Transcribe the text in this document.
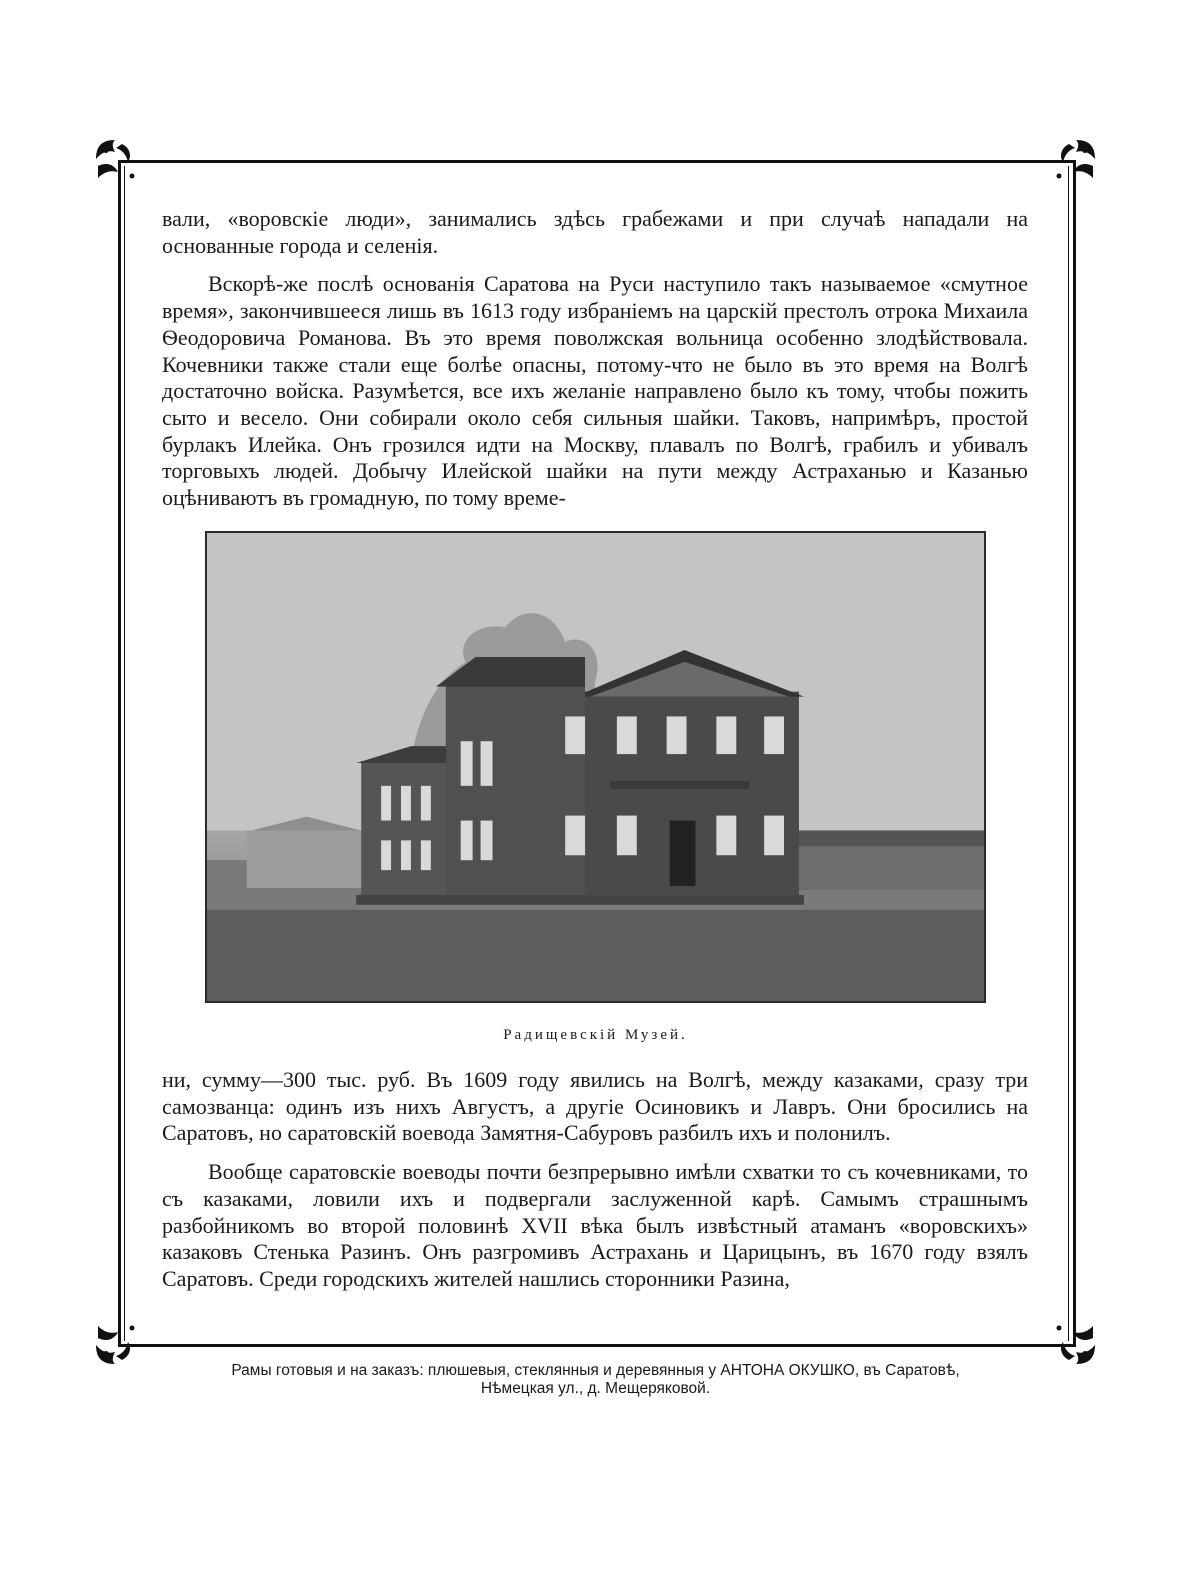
вали, «воровскіе люди», занимались здѣсь грабежами и при случаѣ нападали на основанные города и селенія.

Вскорѣ-же послѣ основанія Саратова на Руси наступило такъ называемое «смутное время», закончившееся лишь въ 1613 году избраніемъ на царскій престолъ отрока Михаила Ѳеодоровича Романова. Въ это время поволжская вольница особенно злодѣйствовала. Кочевники также стали еще болѣе опасны, потому-что не было въ это время на Волгѣ достаточно войска. Разумѣется, все ихъ желаніе направлено было къ тому, чтобы пожить сыто и весело. Они собирали около себя сильныя шайки. Таковъ, напримѣръ, простой бурлакъ Илейка. Онъ грозился идти на Москву, плавалъ по Волгѣ, грабилъ и убивалъ торговыхъ людей. Добычу Илейской шайки на пути между Астраханью и Казанью оцѣниваютъ въ громадную, по тому време-

Радищевскій Музей.

ни, сумму—300 тыс. руб. Въ 1609 году явились на Волгѣ, между казаками, сразу три самозванца: одинъ изъ нихъ Августъ, а другіе Осиновикъ и Лавръ. Они бросились на Саратовъ, но саратовскій воевода Замятня-Сабуровъ разбилъ ихъ и полонилъ.

Вообще саратовскіе воеводы почти безпрерывно имѣли схватки то съ кочевниками, то съ казаками, ловили ихъ и подвергали заслуженной карѣ. Самымъ страшнымъ разбойникомъ во второй половинѣ XVII вѣка былъ извѣстный атаманъ «воровскихъ» казаковъ Стенька Разинъ. Онъ разгромивъ Астрахань и Царицынъ, въ 1670 году взялъ Саратовъ. Среди городскихъ жителей нашлись сторонники Разина,

Рамы готовыя и на заказъ: плюшевыя, стеклянныя и деревянныя у АНТОНА ОКУШКО, въ Саратовѣ,
Нѣмецкая ул., д. Мещеряковой.
